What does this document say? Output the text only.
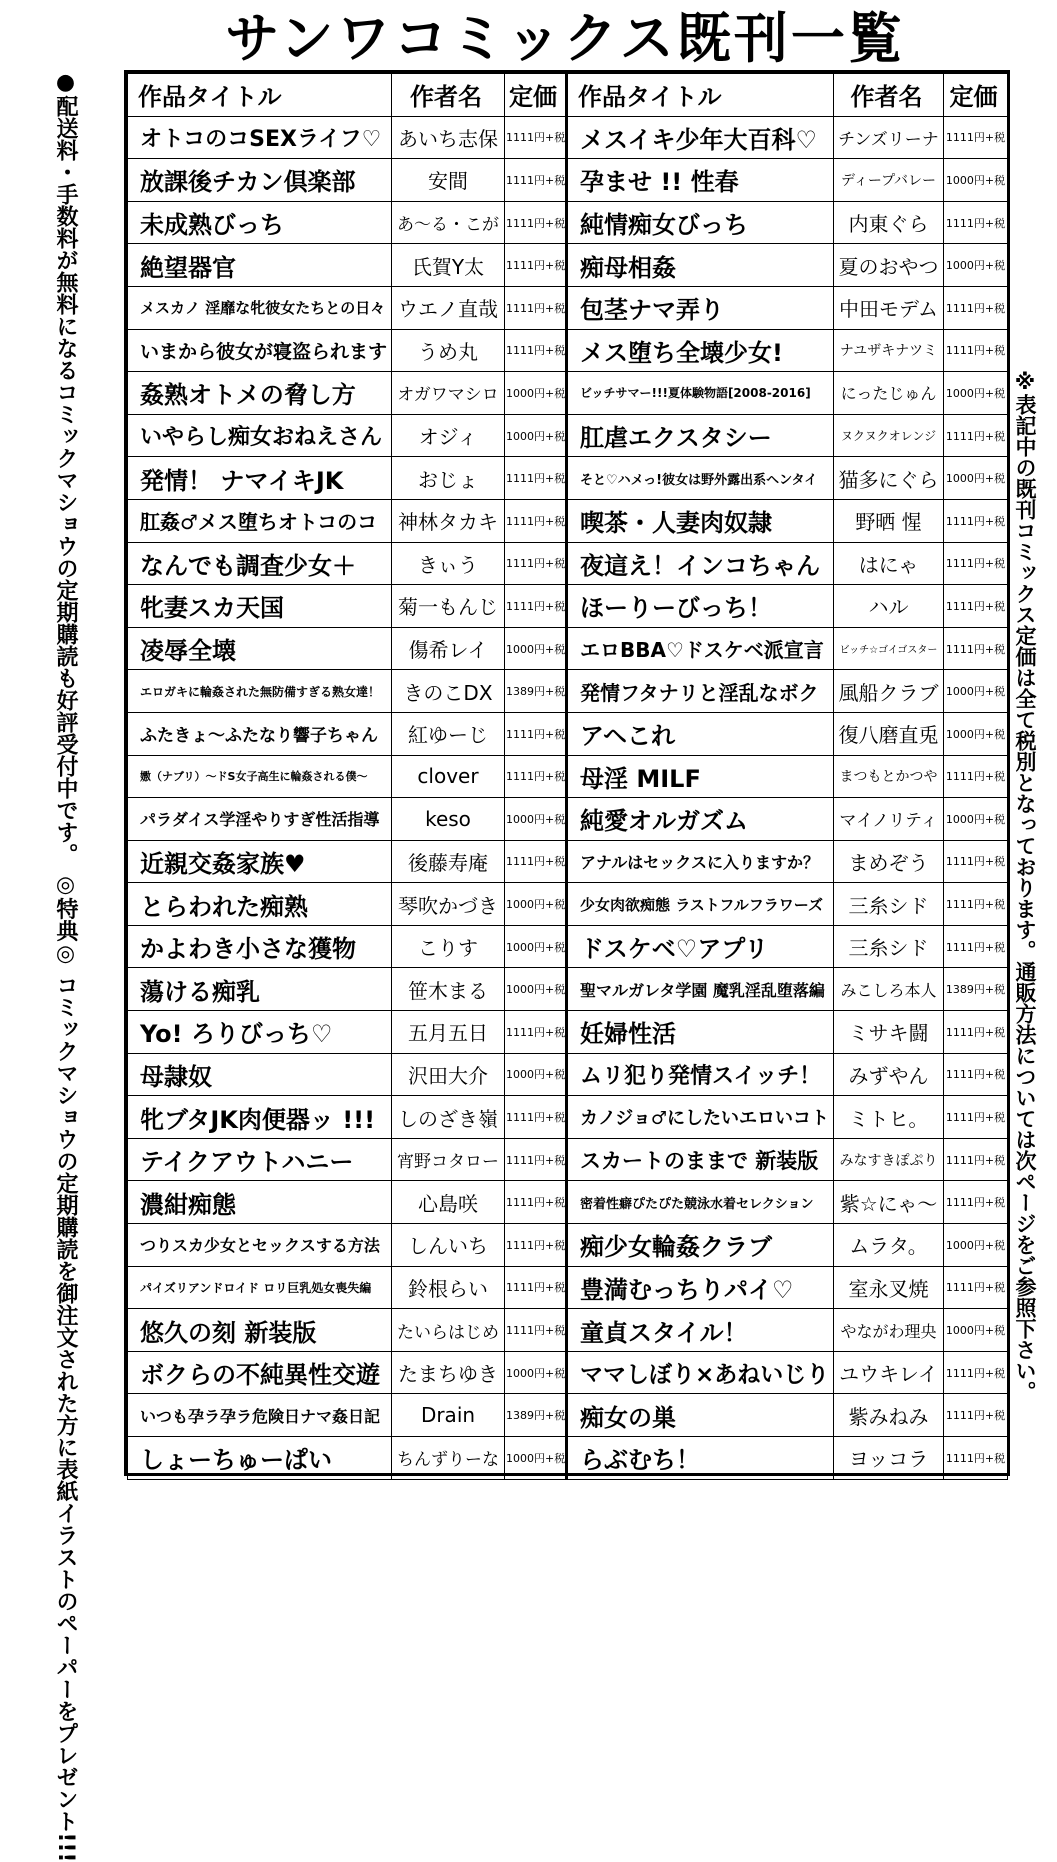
サンワコミックス既刊一覧
●配送料・手数料が無料になるコミックマショウの定期購読も好評受付中です。 ◎特典◎ コミックマショウの定期購読を御注文された方に表紙イラストのペーパーをプレゼント!!!	※表記中の既刊コミックス定価は全て税別となっております。通販方法については次ページをご参照下さい。
作品タイトル	作者名	定価	作品タイトル	作者名	定価
オトコのコSEXライフ♡	あいち志保	1111円+税	メスイキ少年大百科♡	チンズリーナ	1111円+税
放課後チカン倶楽部	安間	1111円+税	孕ませ !! 性春	ディープバレー	1000円+税
未成熟びっち	あ〜る・こが	1111円+税	純情痴女びっち	内東ぐら	1111円+税
絶望器官	氏賀Y太	1111円+税	痴母相姦	夏のおやつ	1000円+税
メスカノ 淫靡な牝彼女たちとの日々	ウエノ直哉	1111円+税	包茎ナマ弄り	中田モデム	1111円+税
いまから彼女が寝盗られます	うめ丸	1111円+税	メス堕ち全壊少女!	ナユザキナツミ	1111円+税
姦熟オトメの脅し方	オガワマシロ	1000円+税	ビッチサマー!!!夏体験物語[2008-2016]	にったじゅん	1000円+税
いやらし痴女おねえさん	オジィ	1000円+税	肛虐エクスタシー	ヌクヌクオレンジ	1111円+税
発情！ ナマイキJK	おじょ	1111円+税	そと♡ハメっ!彼女は野外露出系ヘンタイ	猫多にぐら	1000円+税
肛姦♂メス堕ちオトコのコ	神林タカキ	1111円+税	喫茶・人妻肉奴隷	野晒 惺	1111円+税
なんでも調査少女＋	きぃう	1111円+税	夜這え！インコちゃん	はにゃ	1111円+税
牝妻スカ天国	菊一もんじ	1111円+税	ほーりーびっち！	ハル	1111円+税
凌辱全壊	傷希レイ	1000円+税	エロBBA♡ドスケベ派宣言	ビッチ☆ゴイゴスター	1111円+税
エロガキに輪姦された無防備すぎる熟女達！	きのこDX	1389円+税	発情フタナリと淫乱なボク	風船クラブ	1000円+税
ふたきょ〜ふたなり響子ちゃん	紅ゆーじ	1111円+税	アヘこれ	復八磨直兎	1000円+税
嫐（ナブリ）〜ドS女子高生に輪姦される僕〜	clover	1111円+税	母淫 MILF	まつもとかつや	1111円+税
パラダイス学淫やりすぎ性活指導	keso	1000円+税	純愛オルガズム	マイノリティ	1000円+税
近親交姦家族♥	後藤寿庵	1111円+税	アナルはセックスに入りますか？	まめぞう	1111円+税
とらわれた痴熟	琴吹かづき	1000円+税	少女肉欲痴態 ラストフルフラワーズ	三糸シド	1111円+税
かよわき小さな獲物	こりす	1000円+税	ドスケベ♡アプリ	三糸シド	1111円+税
蕩ける痴乳	笹木まる	1000円+税	聖マルガレタ学園 魔乳淫乱堕落編	みこしろ本人	1389円+税
Yo! ろりびっち♡	五月五日	1111円+税	妊婦性活	ミサキ闘	1111円+税
母隷奴	沢田大介	1000円+税	ムリ犯り発情スイッチ！	みずやん	1111円+税
牝ブタJK肉便器ッ !!!	しのざき嶺	1111円+税	カノジョ♂にしたいエロいコト	ミトヒ。	1111円+税
テイクアウトハニー	宵野コタロー	1111円+税	スカートのままで 新装版	みなすきぽぷり	1111円+税
濃紺痴態	心島咲	1111円+税	密着性癖ぴたぴた競泳水着セレクション	紫☆にゃ〜	1111円+税
つりスカ少女とセックスする方法	しんいち	1111円+税	痴少女輪姦クラブ	ムラタ。	1000円+税
パイズリアンドロイド ロリ巨乳処女喪失編	鈴根らい	1111円+税	豊満むっちりパイ♡	室永叉焼	1111円+税
悠久の刻 新装版	たいらはじめ	1111円+税	童貞スタイル！	やながわ理央	1000円+税
ボクらの不純異性交遊	たまちゆき	1000円+税	ママしぼり×あねいじり	ユウキレイ	1111円+税
いつも孕ラ孕ラ危険日ナマ姦日記	Drain	1389円+税	痴女の巣	紫みねみ	1111円+税
しょーちゅーぱい	ちんずりーな	1000円+税	らぶむち！	ヨッコラ	1111円+税
